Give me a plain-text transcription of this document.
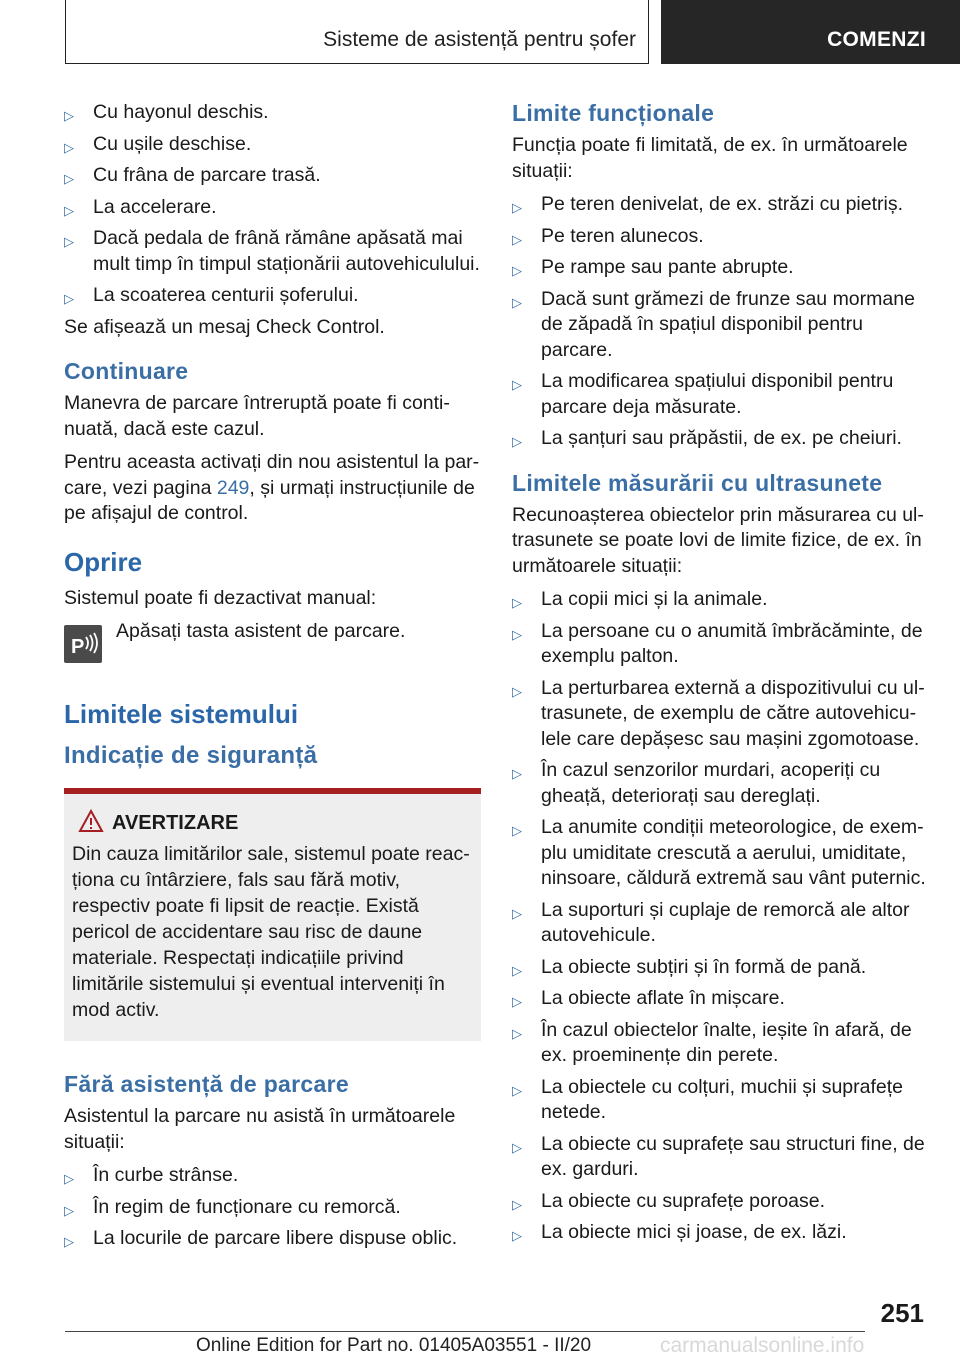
Sisteme de asistență pentru șofer	COMENZI
▷ Cu hayonul deschis.
▷ Cu ușile deschise.
▷ Cu frâna de parcare trasă.
▷ La accelerare.
▷ Dacă pedala de frână rămâne apăsată mai mult timp în timpul staționării autovehiculului.
▷ La scoaterea centurii șoferului.
Se afișează un mesaj Check Control.
Continuare
Manevra de parcare întreruptă poate fi continuată, dacă este cazul.
Pentru aceasta activați din nou asistentul la parcare, vezi pagina 249, și urmați instrucțiunile de pe afișajul de control.
Oprire
Sistemul poate fi dezactivat manual:
P
Apăsați tasta asistent de parcare.
Limitele sistemului
Indicație de siguranță
AVERTIZARE
Din cauza limitărilor sale, sistemul poate reacționa cu întârziere, fals sau fără motiv, respectiv poate fi lipsit de reacție. Există pericol de accidentare sau risc de daune materiale. Respectați indicațiile privind limitările sistemului și eventual interveniți în mod activ.
Fără asistență de parcare
Asistentul la parcare nu asistă în următoarele situații:
▷ În curbe strânse.
▷ În regim de funcționare cu remorcă.
▷ La locurile de parcare libere dispuse oblic.
Limite funcționale
Funcția poate fi limitată, de ex. în următoarele situații:
▷ Pe teren denivelat, de ex. străzi cu pietriș.
▷ Pe teren alunecos.
▷ Pe rampe sau pante abrupte.
▷ Dacă sunt grămezi de frunze sau mormane de zăpadă în spațiul disponibil pentru parcare.
▷ La modificarea spațiului disponibil pentru parcare deja măsurate.
▷ La șanțuri sau prăpăstii, de ex. pe cheiuri.
Limitele măsurării cu ultrasunete
Recunoașterea obiectelor prin măsurarea cu ultrasunete se poate lovi de limite fizice, de ex. în următoarele situații:
▷ La copii mici și la animale.
▷ La persoane cu o anumită îmbrăcăminte, de exemplu palton.
▷ La perturbarea externă a dispozitivului cu ultrasunete, de exemplu de către autovehiculele care depășesc sau mașini zgomotoase.
▷ În cazul senzorilor murdari, acoperiți cu gheață, deteriorați sau dereglați.
▷ La anumite condiții meteorologice, de exemplu umiditate crescută a aerului, umiditate, ninsoare, căldură extremă sau vânt puternic.
▷ La suporturi și cuplaje de remorcă ale altor autovehicule.
▷ La obiecte subțiri și în formă de pană.
▷ La obiecte aflate în mișcare.
▷ În cazul obiectelor înalte, ieșite în afară, de ex. proeminențe din perete.
▷ La obiectele cu colțuri, muchii și suprafețe netede.
▷ La obiecte cu suprafețe sau structuri fine, de ex. garduri.
▷ La obiecte cu suprafețe poroase.
▷ La obiecte mici și joase, de ex. lăzi.
251
Online Edition for Part no. 01405A03551 - II/20	carmanualsonline.info
